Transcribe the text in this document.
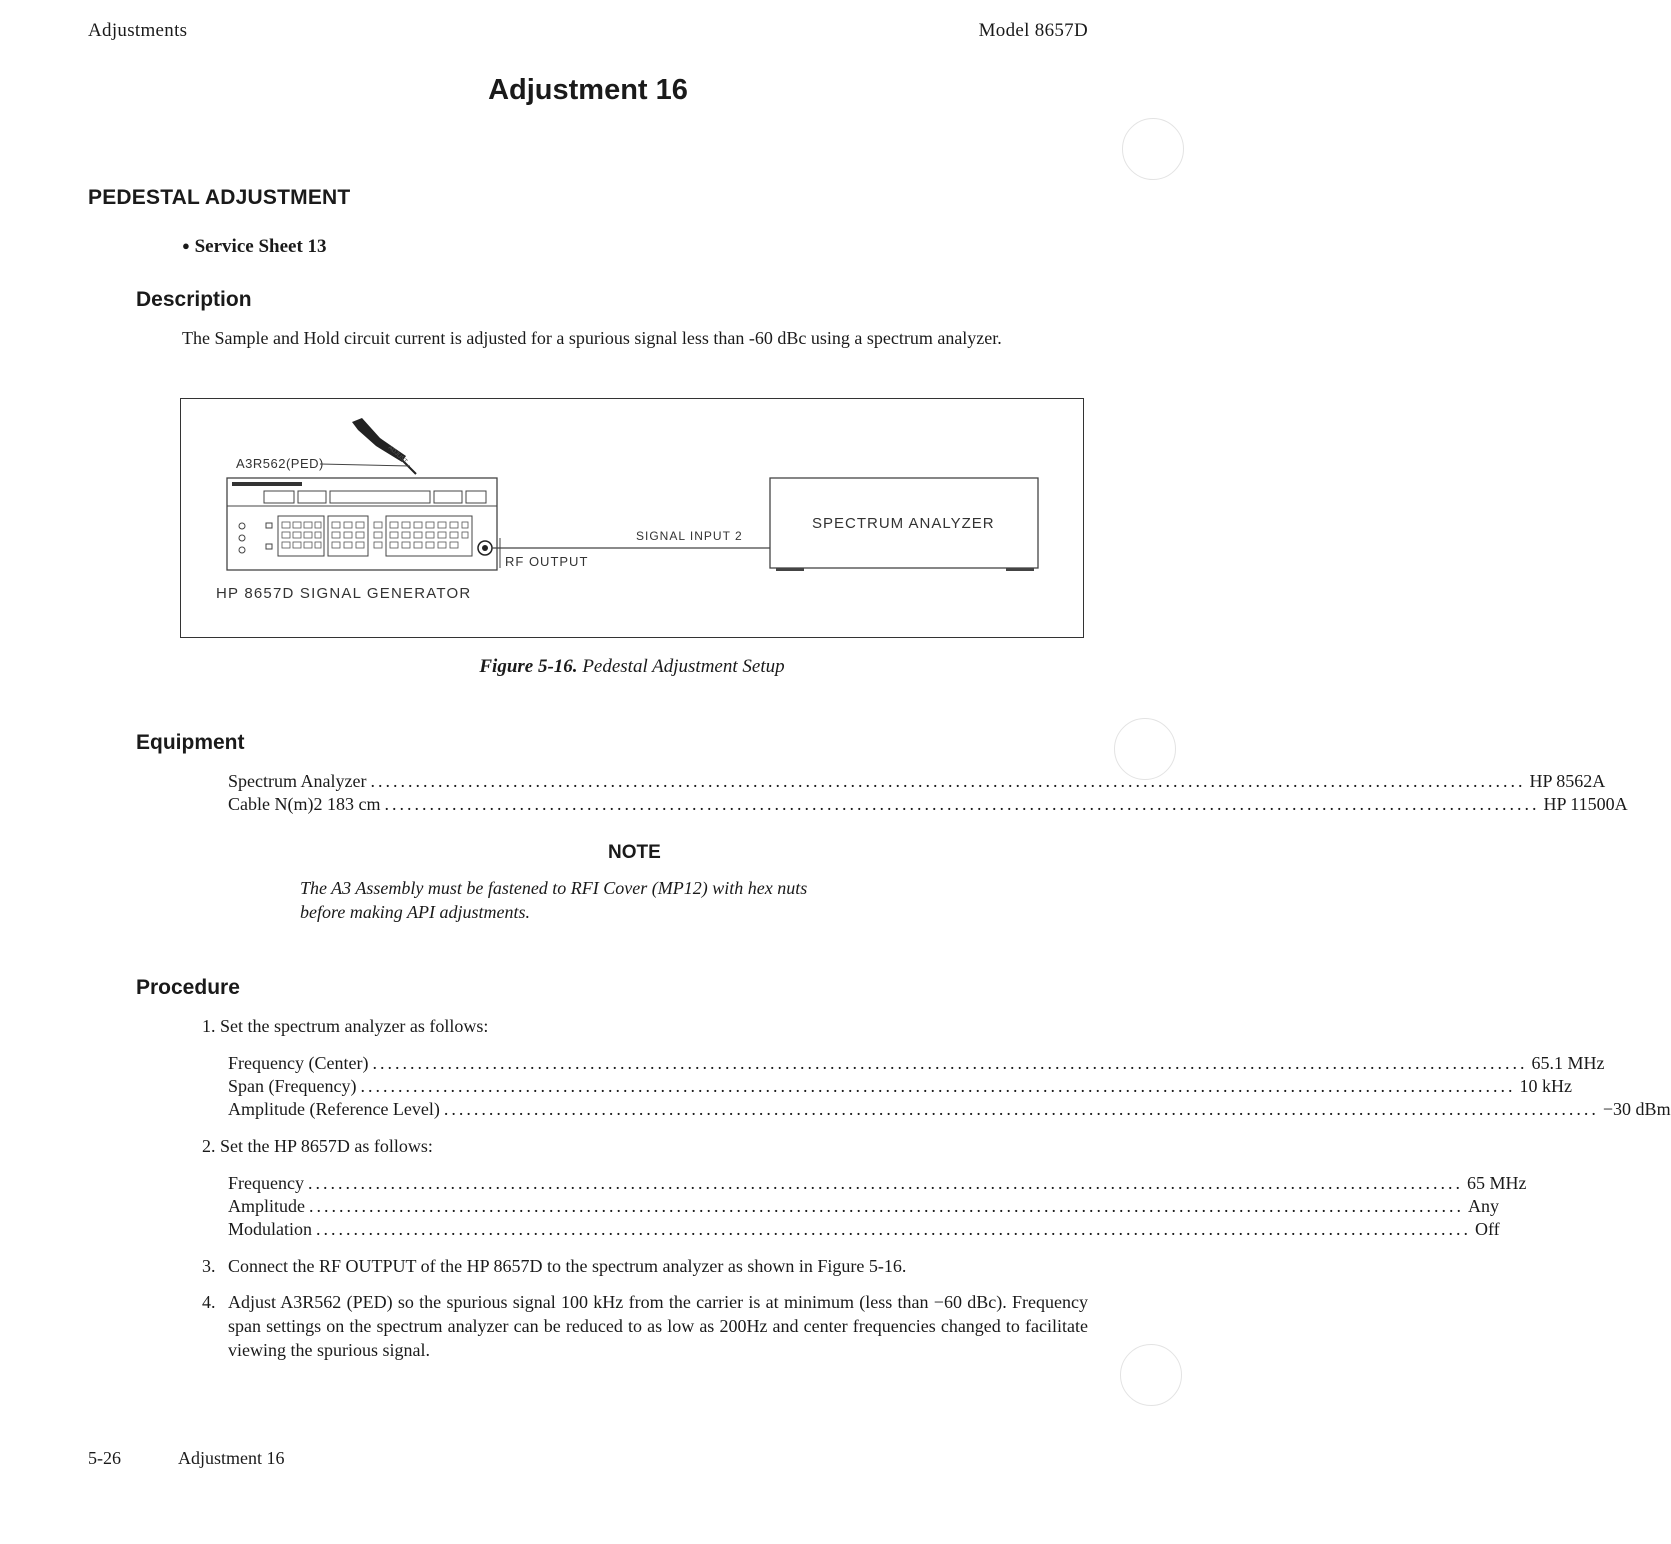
Adjustments	Model 8657D
Adjustment 16
PEDESTAL ADJUSTMENT
● Service Sheet 13
Description
The Sample and Hold circuit current is adjusted for a spurious signal less than -60 dBc using a spectrum analyzer.
ADJUST
A3R562(PED)
RF OUTPUT
SIGNAL INPUT 2
SPECTRUM ANALYZER
HP 8657D SIGNAL GENERATOR
Figure 5-16. Pedestal Adjustment Setup
Equipment
Spectrum Analyzer .......................................................................................................................................................... HP 8562A
Cable N(m)2 183 cm .......................................................................................................................................................... HP 11500A
NOTE
The A3 Assembly must be fastened to RFI Cover (MP12) with hex nuts
before making API adjustments.
Procedure
1. Set the spectrum analyzer as follows:
Frequency (Center) .......................................................................................................................................................... 65.1 MHz
Span (Frequency) .......................................................................................................................................................... 10 kHz
Amplitude (Reference Level) .......................................................................................................................................................... −30 dBm
2. Set the HP 8657D as follows:
Frequency .......................................................................................................................................................... 65 MHz
Amplitude .......................................................................................................................................................... Any
Modulation .......................................................................................................................................................... Off
3. Connect the RF OUTPUT of the HP 8657D to the spectrum analyzer as shown in Figure 5-16.
4. Adjust A3R562 (PED) so the spurious signal 100 kHz from the carrier is at minimum (less than −60 dBc). Frequency span settings on the spectrum analyzer can be reduced to as low as 200Hz and center frequencies changed to facilitate viewing the spurious signal.
5-26	Adjustment 16
